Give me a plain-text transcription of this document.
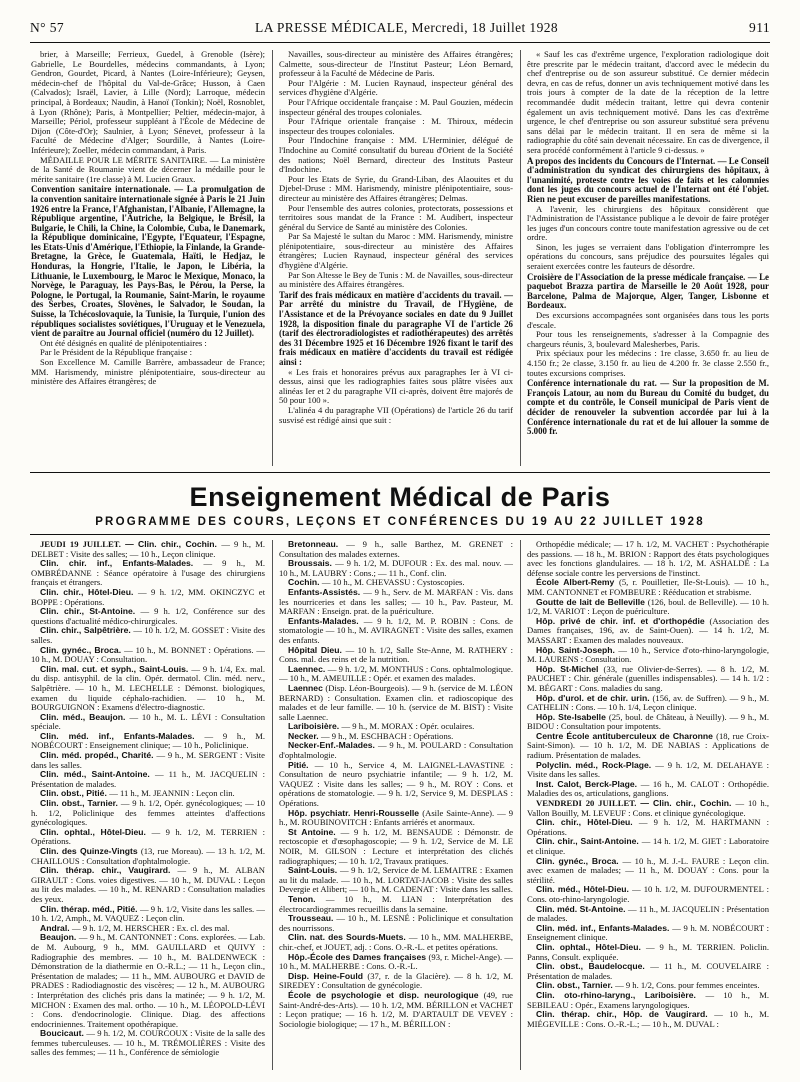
N° 57	LA PRESSE MÉDICALE, Mercredi, 18 Juillet 1928	911

brier, à Marseille; Ferrieux, Guedel, à Grenoble (Isère); Gabrielle, Le Bourdelles, médecins commandants, à Lyon; Gendron, Gourdet, Picard, à Nantes (Loire-Inférieure); Geysen, médecin-chef de l'hôpital du Val-de-Grâce; Husson, à Caen (Calvados); Israël, Lavier, à Lille (Nord); Larroque, médecin principal, à Bordeaux; Naudin, à Hanoï (Tonkin); Noël, Rosnoblet, à Lyon (Rhône); Paris, à Montpellier; Peltier, médecin-major, à Marseille; Périol, professeur suppléant à l'École de Médecine de Dijon (Côte-d'Or); Saulnier, à Lyon; Sénevet, professeur à la Faculté de Médecine d'Alger; Sourdille, à Nantes (Loire-Inférieure); Zoeller, médecin commandant, à Paris.

MÉDAILLE POUR LE MÉRITE SANITAIRE. — La ministère de la Santé de Roumanie vient de décerner la médaille pour le mérite sanitaire (1re classe) à M. Lucien Graux.

Convention sanitaire internationale. — La promulgation de la convention sanitaire internationale signée à Paris le 21 Juin 1926 entre la France, l'Afghanistan, l'Albanie, l'Allemagne, la République argentine, l'Autriche, la Belgique, le Brésil, la Bulgarie, le Chili, la Chine, la Colombie, Cuba, le Danemark, la République dominicaine, l'Egypte, l'Equateur, l'Espagne, les Etats-Unis d'Amérique, l'Ethiopie, la Finlande, la Grande-Bretagne, la Grèce, le Guatemala, Haïti, le Hedjaz, le Honduras, la Hongrie, l'Italie, le Japon, le Libéria, la Lithuanie, le Luxembourg, le Maroc le Mexique, Monaco, la Norvège, le Paraguay, les Pays-Bas, le Pérou, la Perse, la Pologne, le Portugal, la Roumanie, Saint-Marin, le royaume des Serbes, Croates, Slovènes, le Salvador, le Soudan, la Suisse, la Tchécoslovaquie, la Tunisie, la Turquie, l'union des républiques socialistes soviétiques, l'Uruguay et le Venezuela, vient de paraître au Journal officiel (numéro du 12 Juillet).

Ont été désignés en qualité de plénipotentiaires :

Par le Président de la République française :

Son Excellence M. Camille Barrère, ambassadeur de France; MM. Harismendy, ministre plénipotentiaire, sous-directeur au ministère des Affaires étrangères; de

Navailles, sous-directeur au ministère des Affaires étrangères; Calmette, sous-directeur de l'Institut Pasteur; Léon Bernard, professeur à la Faculté de Médecine de Paris.

Pour l'Algérie : M. Lucien Raynaud, inspecteur général des services d'hygiène d'Algérie.

Pour l'Afrique occidentale française : M. Paul Gouzien, médecin inspecteur général des troupes coloniales.

Pour l'Afrique orientale française : M. Thiroux, médecin inspecteur des troupes coloniales.

Pour l'Indochine française : MM. L'Herminier, délégué de l'Indochine au Comité consultatif du bureau d'Orient de la Société des nations; Noël Bernard, directeur des Instituts Pasteur d'Indochine.

Pour les Etats de Syrie, du Grand-Liban, des Alaouites et du Djebel-Druse : MM. Harismendy, ministre plénipotentiaire, sous-directeur au ministère des Affaires étrangères; Delmas.

Pour l'ensemble des autres colonies, protectorats, possessions et territoires sous mandat de la France : M. Audibert, inspecteur général du Service de Santé au ministère des Colonies.

Par Sa Majesté le sultan du Maroc : MM. Harismendy, ministre plénipotentiaire, sous-directeur au ministère des Affaires étrangères; Lucien Raynaud, inspecteur général des services d'hygiène d'Algérie.

Par Son Altesse le Bey de Tunis : M. de Navailles, sous-directeur au ministère des Affaires étrangères.

Tarif des frais médicaux en matière d'accidents du travail. — Par arrêté du ministre du Travail, de l'Hygiène, de l'Assistance et de la Prévoyance sociales en date du 9 Juillet 1928, la disposition finale du paragraphe VI de l'article 26 (tarif des électroradiologistes et radiothérapeutes) des arrêtés des 31 Décembre 1925 et 16 Décembre 1926 fixant le tarif des frais médicaux en matière d'accidents du travail est rédigée ainsi :

« Les frais et honoraires prévus aux paragraphes Ier à VI ci-dessus, ainsi que les radiographies faites sous plâtre visées aux alinéas Ier et 2 du paragraphe VII ci-après, doivent être majorés de 50 pour 100 ».

L'alinéa 4 du paragraphe VII (Opérations) de l'article 26 du tarif susvisé est rédigé ainsi que suit :

« Sauf les cas d'extrême urgence, l'exploration radiologique doit être prescrite par le médecin traitant, d'accord avec le médecin du chef d'entreprise ou de son assureur substitué. Ce dernier médecin devra, en cas de refus, donner un avis techniquement motivé dans les trois jours à compter de la date de la réception de la lettre recommandée dudit médecin traitant, lettre qui devra contenir également un avis techniquement motivé. Dans les cas d'extrême urgence, le chef d'entreprise ou son assureur substitué sera prévenu sans délai par le médecin traitant. Il en sera de même si la radiographie du côté sain devenait nécessaire. En cas de divergence, il sera procédé conformément à l'article 9 ci-dessus. »

A propos des incidents du Concours de l'Internat. — Le Conseil d'administration du syndicat des chirurgiens des hôpitaux, à l'unanimité, proteste contre les voies de faits et les calomnies dont les juges du concours actuel de l'Internat ont été l'objet. Rien ne peut excuser de pareilles manifestations.

A l'avenir, les chirurgiens des hôpitaux considèrent que l'Administration de l'Assistance publique a le devoir de faire protéger les juges d'un concours contre toute manifestation agressive ou de cet ordre.

Sinon, les juges se verraient dans l'obligation d'interrompre les opérations du concours, sans préjudice des poursuites légales qui seraient exercées contre les fauteurs de désordre.

Croisière de l'Association de la presse médicale française. — Le paquebot Brazza partira de Marseille le 20 Août 1928, pour Barcelone, Palma de Majorque, Alger, Tanger, Lisbonne et Bordeaux.

Des excursions accompagnées sont organisées dans tous les ports d'escale.

Pour tous les renseignements, s'adresser à la Compagnie des chargeurs réunis, 3, boulevard Malesherbes, Paris.

Prix spéciaux pour les médecins : 1re classe, 3.650 fr. au lieu de 4.150 fr.; 2e classe, 3.150 fr. au lieu de 4.200 fr. 3e classe 2.550 fr., toutes excursions comprises.

Conférence internationale du rat. — Sur la proposition de M. François Latour, au nom du Bureau du Comité du budget, du compte et du contrôle, le Conseil municipal de Paris vient de décider de renouveler la subvention accordée par lui à la Conférence internationale du rat et de lui allouer la somme de 5.000 fr.

Enseignement Médical de Paris
PROGRAMME DES COURS, LEÇONS ET CONFÉRENCES DU 19 AU 22 JUILLET 1928

JEUDI 19 JUILLET. — Clin. chir., Cochin. — 9 h., M. DELBET : Visite des salles; — 10 h., Leçon clinique.

Clin. chir. inf., Enfants-Malades. — 9 h., M. OMBRÉDANNE : Séance opératoire à l'usage des chirurgiens français et étrangers.

Clin. chir., Hôtel-Dieu. — 9 h. 1/2, MM. OKINCZYC et BOPPE : Opérations.

Clin. chir., St-Antoine. — 9 h. 1/2, Conférence sur des questions d'actualité médico-chirurgicales.

Clin. chir., Salpêtrière. — 10 h. 1/2, M. GOSSET : Visite des salles.

Clin. gynéc., Broca. — 10 h., M. BONNET : Opérations. — 10 h., M. DOUAY : Consultation.

Clin. mal. cut. et syph., Saint-Louis. — 9 h. 1/4, Ex. mal. du disp. antisyphil. de la clin. Opér. dermatol. Clin. méd. nerv., Salpêtrière. — 10 h., M. LECHELLE : Démonst. biologiques, examen du liquide céphalo-rachidien. — 10 h., M. BOURGUIGNON : Examens d'électro-diagnostic.

Clin. méd., Beaujon. — 10 h., M. L. LÉVI : Consultation spéciale.

Clin. méd. inf., Enfants-Malades. — 9 h., M. NOBÉCOURT : Enseignement clinique; — 10 h., Policlinique.

Clin. méd. propéd., Charité. — 9 h., M. SERGENT : Visite dans les salles.

Clin. méd., Saint-Antoine. — 11 h., M. JACQUELIN : Présentation de malades.

Clin. obst., Pitié. — 11 h., M. JEANNIN : Leçon clin.

Clin. obst., Tarnier. — 9 h. 1/2, Opér. gynécologiques; — 10 h. 1/2, Policlinique des femmes atteintes d'affections gynécologiques.

Clin. ophtal., Hôtel-Dieu. — 9 h. 1/2, M. TERRIEN : Opérations.

Clin. des Quinze-Vingts (13, rue Moreau). — 13 h. 1/2, M. CHAILLOUS : Consultation d'ophtalmologie.

Clin. thérap. chir., Vaugirard. — 9 h., M. ALBAN GIRAULT : Cons. voies digestives. — 10 h., M. DUVAL : Leçon au lit des malades. — 10 h., M. RENARD : Consultation maladies des yeux.

Clin. thérap. méd., Pitié. — 9 h. 1/2, Visite dans les salles. — 10 h. 1/2, Amph., M. VAQUEZ : Leçon clin.

Andral. — 9 h. 1/2, M. HERSCHER : Ex. cl. des mal.

Beaujon. — 9 h., M. CANTONNET : Cons. explorées. — Lab. de M. Aubourg, 9 h., MM. GAUILLARD et QUIVY : Radiographie des membres. — 10 h., M. BALDENWECK : Démonstration de la diathermie en O.-R.L.; — 11 h., Leçon clin., Présentation de malades; — 11 h., MM. AUBOURG et DAVID de PRADES : Radiodiagnostic des viscères; — 12 h., M. AUBOURG : Interprétation des clichés pris dans la matinée; — 9 h. 1/2, M. MICHON : Examen des mal. ortho. — 10 h., M. LÉOPOLD-LÉVI : Cons. d'endocrinologie. Clinique. Diag. des affections endocriniennes. Traitement opothérapique.

Boucicaut. — 9 h. 1/2, M. COURCOUX : Visite de la salle des femmes tuberculeuses. — 10 h., M. TRÉMOLIÈRES : Visite des salles des femmes; — 11 h., Conférence de sémiologie

Bretonneau. — 9 h., salle Barthez, M. GRENET : Consultation des malades externes.

Broussais. — 9 h. 1/2, M. DUFOUR : Ex. des mal. nouv. — 10 h., M. LAUBRY : Cons.; — 11 h., Conf. clin.

Cochin. — 10 h., M. CHEVASSU : Cystoscopies.

Enfants-Assistés. — 9 h., Serv. de M. MARFAN : Vis. dans les nourriceries et dans les salles; — 10 h., Pav. Pasteur, M. MARFAN : Enseign. prat. de la puériculture.

Enfants-Malades. — 9 h. 1/2, M. P. ROBIN : Cons. de stomatologie — 10 h., M. AVIRAGNET : Visite des salles, examen des enfants.

Hôpital Dieu. — 10 h. 1/2, Salle Ste-Anne, M. RATHERY : Cons. mal. des reins et de la nutrition.

Laennec. — 9 h. 1/2, M. MONTHUS : Cons. ophtalmologique. — 10 h., M. AMEUILLE : Opér. et examen des malades.

Laennec (Disp. Léon-Bourgeois). — 9 h. (service de M. LÉON BERNARD) : Consultation. Examen clin. et radioscopique des malades et de leur famille. — 10 h. (service de M. BIST) : Visite salle Laennec.

Lariboisière. — 9 h., M. MORAX : Opér. oculaires.

Necker. — 9 h., M. ESCHBACH : Opérations.

Necker-Enf.-Malades. — 9 h., M. POULARD : Consultation d'ophtalmologie.

Pitié. — 10 h., Service 4, M. LAIGNEL-LAVASTINE : Consultation de neuro psychiatrie infantile; — 9 h. 1/2, M. VAQUEZ : Visite dans les salles; — 9 h., M. ROY : Cons. et opérations de stomatologie. — 9 h. 1/2, Service 9, M. DESPLAS : Opérations.

Hôp. psychiatr. Henri-Rousselle (Asile Sainte-Anne). — 9 h., M. ROUBINOVITCH : Enfants arriérés et anormaux.

St Antoine. — 9 h. 1/2, M. BENSAUDE : Démonstr. de rectoscopie et d'œsophagoscopie; — 9 h. 1/2, Service de M. LE NOIR, M. GILSON : Lecture et interprétation des clichés radiographiques; — 10 h. 1/2, Travaux pratiques.

Saint-Louis. — 9 h. 1/2, Service de M. LEMAITRE : Examen au lit du malade. — 10 h., M. LORTAT-JACOB : Visite des salles Devergie et Alibert; — 10 h., M. CADENAT : Visite dans les salles.

Tenon. — 10 h., M. LIAN : Interprétation des électrocardiogrammes recueillis dans la semaine.

Trousseau. — 10 h., M. LESNÉ : Policlinique et consultation des nourrissons.

Clin. nat. des Sourds-Muets. — 10 h., MM. MALHERBE, chir.-chef, et JOUET, adj. : Cons. O.-R.-L. et petites opérations.

Hôp.-École des Dames françaises (93, r. Michel-Ange). — 10 h., M. MALHERBE : Cons. O.-R.-L.

Disp. Heine-Fould (37, r. de la Glacière). — 8 h. 1/2, M. SIREDEY : Consultation de gynécologie.

École de psychologie et disp. neurologique (49, rue Saint-André-des-Arts). — 10 h. 1/2, MM. BÉRILLON et VACHET : Leçon pratique; — 16 h. 1/2, M. D'ARTAULT DE VEVEY : Sociologie biologique; — 17 h., M. BÉRILLON :

Orthopédie médicale; — 17 h. 1/2, M. VACHET : Psychothérapie des passions. — 18 h., M. BRION : Rapport des états psychologiques avec les fonctions glandulaires. — 18 h. 1/2, M. ASHALDÉ : La défense sociale contre les perversions de l'instinct.

École Albert-Remy (5, r. Pouilletier, Ile-St-Louis). — 10 h., MM. CANTONNET et FOMBEURE : Rééducation et strabisme.

Goutte de lait de Belleville (126, boul. de Belleville). — 10 h. 1/2, M. VARIOT : Leçon de puériculture.

Hôp. privé de chir. inf. et d'orthopédie (Association des Dames françaises, 196, av. de Saint-Ouen). — 14 h. 1/2, M. MASSART : Examen des malades nouveaux.

Hôp. Saint-Joseph. — 10 h., Service d'oto-rhino-laryngologie, M. LAURENS : Consultation.

Hôp. St-Michel (33, rue Olivier-de-Serres). — 8 h. 1/2, M. PAUCHET : Chir. générale (guenilles indispensables). — 14 h. 1/2 : M. BÉGART : Cons. maladies du sang.

Hôp. d'urol. et de chir. urin. (156, av. de Suffren). — 9 h., M. CATHELIN : Cons. — 10 h. 1/4, Leçon clinique.

Hôp. Ste-Isabelle (25, boul. de Château, à Neuilly). — 9 h., M. BIDOU : Consultation pour impotents.

Centre École antituberculeux de Charonne (18, rue Croix-Saint-Simon). — 10 h. 1/2, M. DE NABIAS : Applications de radium. Présentation de malades.

Polyclin. méd., Rock-Plage. — 9 h. 1/2, M. DELAHAYE : Visite dans les salles.

Inst. Calot, Berck-Plage. — 16 h., M. CALOT : Orthopédie. Maladies des os, articulations, ganglions.

VENDREDI 20 JUILLET. — Clin. chir., Cochin. — 10 h., Vallon Bouilly, M. LEVEUF : Cons. et clinique gynécologique.

Clin. chir., Hôtel-Dieu. — 9 h. 1/2, M. HARTMANN : Opérations.

Clin. chir., Saint-Antoine. — 14 h. 1/2, M. GIET : Laboratoire et clinique.

Clin. gynéc., Broca. — 10 h., M. J.-L. FAURE : Leçon clin. avec examen de malades; — 11 h., M. DOUAY : Cons. pour la stérilité.

Clin. méd., Hôtel-Dieu. — 10 h. 1/2, M. DUFOURMENTEL : Cons. oto-rhino-laryngologie.

Clin. méd. St-Antoine. — 11 h., M. JACQUELIN : Présentation de malades.

Clin. méd. inf., Enfants-Malades. — 9 h. M. NOBÉCOURT : Enseignement clinique.

Clin. ophtal., Hôtel-Dieu. — 9 h., M. TERRIEN. Policlin. Panns, Consult. expliquée.

Clin. obst., Baudelocque. — 11 h., M. COUVELAIRE : Présentation de malades.

Clin. obst., Tarnier. — 9 h. 1/2, Cons. pour femmes enceintes.

Clin. oto-rhino-laryng., Lariboisière. — 10 h., M. SEBILEAU : Opér., Examens laryngologiques.

Clin. thérap. chir., Hôp. de Vaugirard. — 10 h., M. MIÉGEVILLE : Cons. O.-R.-L.; — 10 h., M. DUVAL :
